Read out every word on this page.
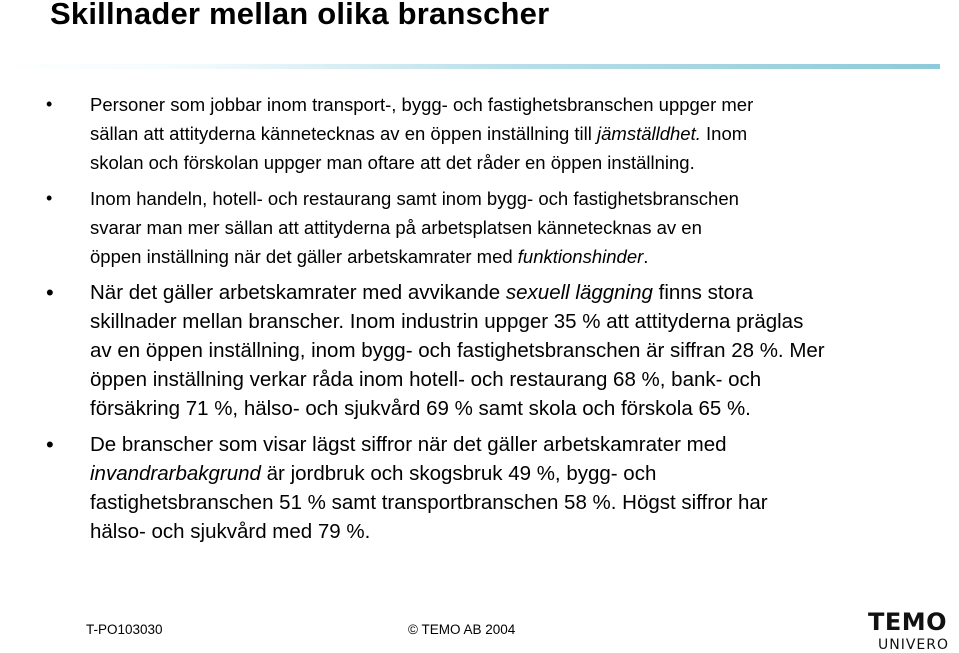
Skillnader mellan olika branscher
• Personer som jobbar inom transport-, bygg- och fastighetsbranschen uppger mer
sällan att attityderna kännetecknas av en öppen inställning till jämställdhet. Inom
skolan och förskolan uppger man oftare att det råder en öppen inställning.
• Inom handeln, hotell- och restaurang samt inom bygg- och fastighetsbranschen
svarar man mer sällan att attityderna på arbetsplatsen kännetecknas av en
öppen inställning när det gäller arbetskamrater med funktionshinder.
• När det gäller arbetskamrater med avvikande sexuell läggning finns stora
skillnader mellan branscher. Inom industrin uppger 35 % att attityderna präglas
av en öppen inställning, inom bygg- och fastighetsbranschen är siffran 28 %. Mer
öppen inställning verkar råda inom hotell- och restaurang 68 %, bank- och
försäkring 71 %, hälso- och sjukvård 69 % samt skola och förskola 65 %.
• De branscher som visar lägst siffror när det gäller arbetskamrater med
invandrarbakgrund är jordbruk och skogsbruk 49 %, bygg- och
fastighetsbranschen 51 % samt transportbranschen 58 %. Högst siffror har
hälso- och sjukvård med 79 %.
T-PO103030	© TEMO AB 2004	TEMO
UNIVERO
